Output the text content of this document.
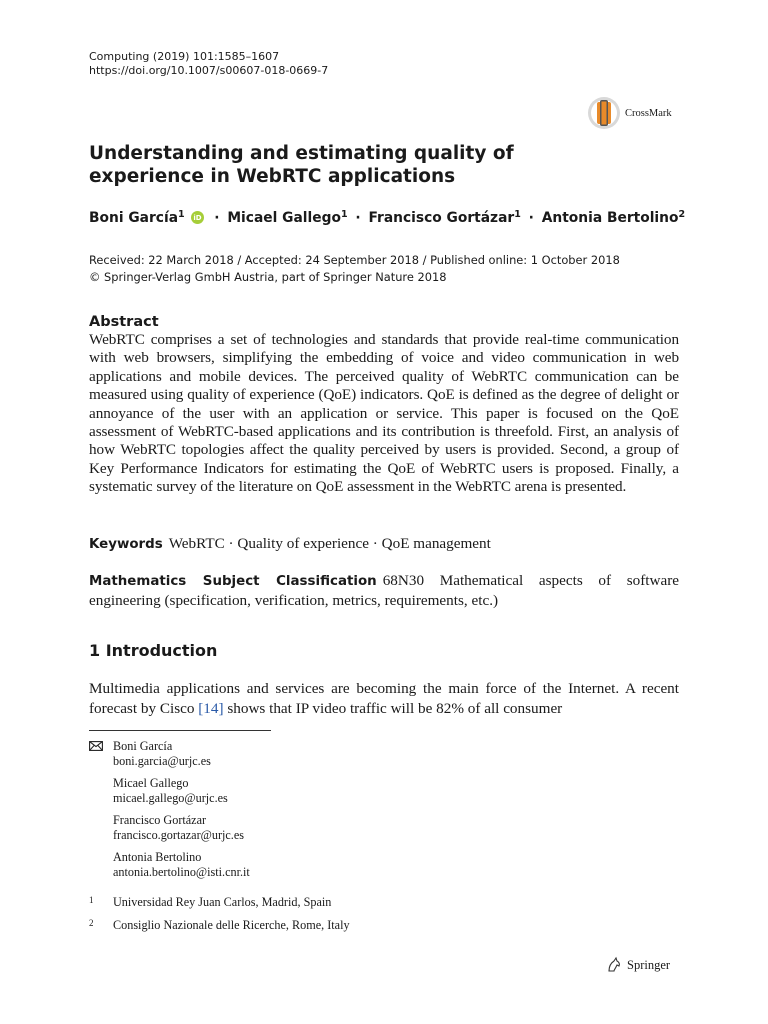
Computing (2019) 101:1585–1607
https://doi.org/10.1007/s00607-018-0669-7
CrossMark
Understanding and estimating quality of experience in WebRTC applications
Boni García$^1$ iD · Micael Gallego$^1$ · Francisco Gortázar$^1$ · Antonia Bertolino$^2$
Received: 22 March 2018 / Accepted: 24 September 2018 / Published online: 1 October 2018
© Springer-Verlag GmbH Austria, part of Springer Nature 2018
Abstract
WebRTC comprises a set of technologies and standards that provide real-time communication with web browsers, simplifying the embedding of voice and video communication in web applications and mobile devices. The perceived quality of WebRTC communication can be measured using quality of experience (QoE) indicators. QoE is defined as the degree of delight or annoyance of the user with an application or service. This paper is focused on the QoE assessment of WebRTC-based applications and its contribution is threefold. First, an analysis of how WebRTC topologies affect the quality perceived by users is provided. Second, a group of Key Performance Indicators for estimating the QoE of WebRTC users is proposed. Finally, a systematic survey of the literature on QoE assessment in the WebRTC arena is presented.
Keywords WebRTC · Quality of experience · QoE management
Mathematics Subject Classification 68N30 Mathematical aspects of software engineering (specification, verification, metrics, requirements, etc.)
1 Introduction
Multimedia applications and services are becoming the main force of the Internet. A recent forecast by Cisco [14] shows that IP video traffic will be 82% of all consumer
Boni García
boni.garcia@urjc.es
Micael Gallego
micael.gallego@urjc.es
Francisco Gortázar
francisco.gortazar@urjc.es
Antonia Bertolino
antonia.bertolino@isti.cnr.it
1 Universidad Rey Juan Carlos, Madrid, Spain
2 Consiglio Nazionale delle Ricerche, Rome, Italy
Springer
